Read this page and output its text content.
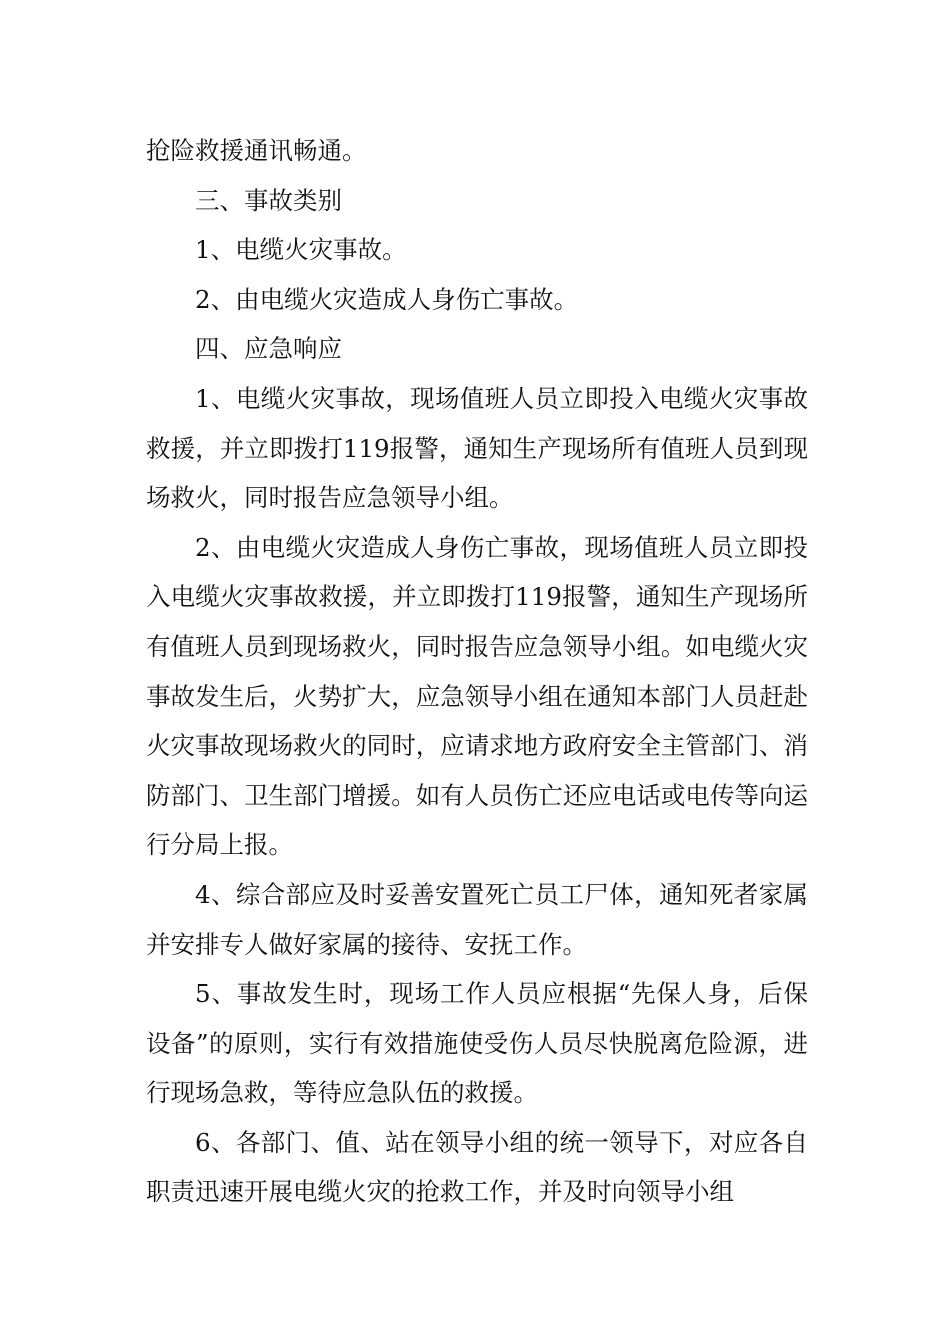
抢险救援通讯畅通。

三、事故类别

1、电缆火灾事故。

2、由电缆火灾造成人身伤亡事故。

四、应急响应

1、电缆火灾事故，现场值班人员立即投入电缆火灾事故救援，并立即拨打119报警，通知生产现场所有值班人员到现场救火，同时报告应急领导小组。

2、由电缆火灾造成人身伤亡事故，现场值班人员立即投入电缆火灾事故救援，并立即拨打119报警，通知生产现场所有值班人员到现场救火，同时报告应急领导小组。如电缆火灾事故发生后，火势扩大，应急领导小组在通知本部门人员赶赴火灾事故现场救火的同时，应请求地方政府安全主管部门、消防部门、卫生部门增援。如有人员伤亡还应电话或电传等向运行分局上报。

4、综合部应及时妥善安置死亡员工尸体，通知死者家属并安排专人做好家属的接待、安抚工作。

5、事故发生时，现场工作人员应根据“先保人身，后保设备”的原则，实行有效措施使受伤人员尽快脱离危险源，进行现场急救，等待应急队伍的救援。

6、各部门、值、站在领导小组的统一领导下，对应各自职责迅速开展电缆火灾的抢救工作，并及时向领导小组
